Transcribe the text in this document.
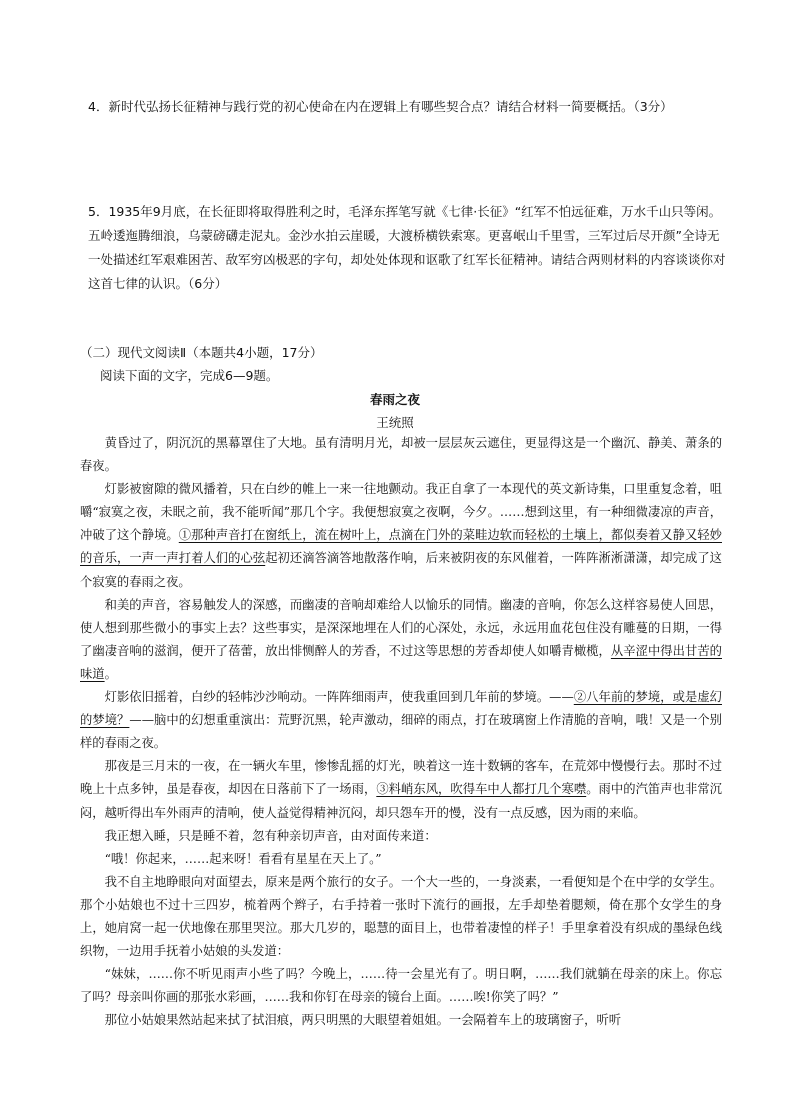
4．新时代弘扬长征精神与践行党的初心使命在内在逻辑上有哪些契合点？请结合材料一简要概括。（3分）
5．1935年9月底，在长征即将取得胜利之时，毛泽东挥笔写就《七律·长征》“红军不怕远征难，万水千山只等闲。五岭逶迤腾细浪，乌蒙磅礴走泥丸。金沙水拍云崖暖，大渡桥横铁索寒。更喜岷山千里雪，三军过后尽开颜”全诗无一处描述红军艰难困苦、敌军穷凶极恶的字句，却处处体现和讴歌了红军长征精神。请结合两则材料的内容谈谈你对这首七律的认识。（6分）
（二）现代文阅读Ⅱ（本题共4小题，17分）
阅读下面的文字，完成6—9题。
春雨之夜
王统照

黄昏过了，阴沉沉的黑幕罩住了大地。虽有清明月光，却被一层层灰云遮住，更显得这是一个幽沉、静美、萧条的春夜。

灯影被窗隙的微风播着，只在白纱的帷上一来一往地颤动。我正自拿了一本现代的英文新诗集，口里重复念着，咀嚼“寂寞之夜，未眠之前，我不能听闻”那几个字。我便想寂寞之夜啊，今夕。……想到这里，有一种细微凄凉的声音，冲破了这个静境。①那种声音打在窗纸上，流在树叶上，点滴在门外的菜畦边软而轻松的土壤上，都似奏着又静又轻妙的音乐，一声一声打着人们的心弦起初还滴答滴答地散落作响，后来被阴夜的东风催着，一阵阵淅淅潇潇，却完成了这个寂寞的春雨之夜。

和美的声音，容易触发人的深感，而幽凄的音响却难给人以愉乐的同情。幽凄的音响，你怎么这样容易使人回思，使人想到那些微小的事实上去？这些事实，是深深地埋在人们的心深处，永远，永远用血花包住没有雕蔓的日期，一得了幽凄音响的滋润，便开了蓓蕾，放出悱恻醉人的芳香，不过这等思想的芳香却使人如嚼青橄榄，从辛涩中得出甘苦的味道。

灯影依旧摇着，白纱的轻帏沙沙响动。一阵阵细雨声，使我重回到几年前的梦境。——②八年前的梦境，或是虚幻的梦境？——脑中的幻想重重演出：荒野沉黑，轮声激动，细碎的雨点，打在玻璃窗上作清脆的音响，哦！又是一个别样的春雨之夜。

那夜是三月末的一夜，在一辆火车里，惨惨乱摇的灯光，映着这一连十数辆的客车，在荒郊中慢慢行去。那时不过晚上十点多钟，虽是春夜，却因在日落前下了一场雨，③料峭东风，吹得车中人都打几个寒噤。雨中的汽笛声也非常沉闷，越听得出车外雨声的清响，使人益觉得精神沉闷，却只怨车开的慢，没有一点反感，因为雨的来临。

我正想入睡，只是睡不着，忽有种亲切声音，由对面传来道：

“哦！你起来，……起来呀！看看有星星在天上了。”

我不自主地睁眼向对面望去，原来是两个旅行的女子。一个大一些的，一身淡素，一看便知是个在中学的女学生。那个小姑娘也不过十三四岁，梳着两个辫子，右手持着一张时下流行的画报，左手却垫着腮颊，倚在那个女学生的身上，她肩窝一起一伏地像在那里哭泣。那大几岁的，聪慧的面目上，也带着凄惶的样子！手里拿着没有织成的墨绿色线织物，一边用手抚着小姑娘的头发道：

“妹妹，……你不听见雨声小些了吗？今晚上，……待一会星光有了。明日啊，……我们就躺在母亲的床上。你忘了吗？母亲叫你画的那张水彩画，……我和你钉在母亲的镜台上面。……唉!你笑了吗？”

那位小姑娘果然站起来拭了拭泪痕，两只明黑的大眼望着姐姐。一会隔着车上的玻璃窗子，听听
